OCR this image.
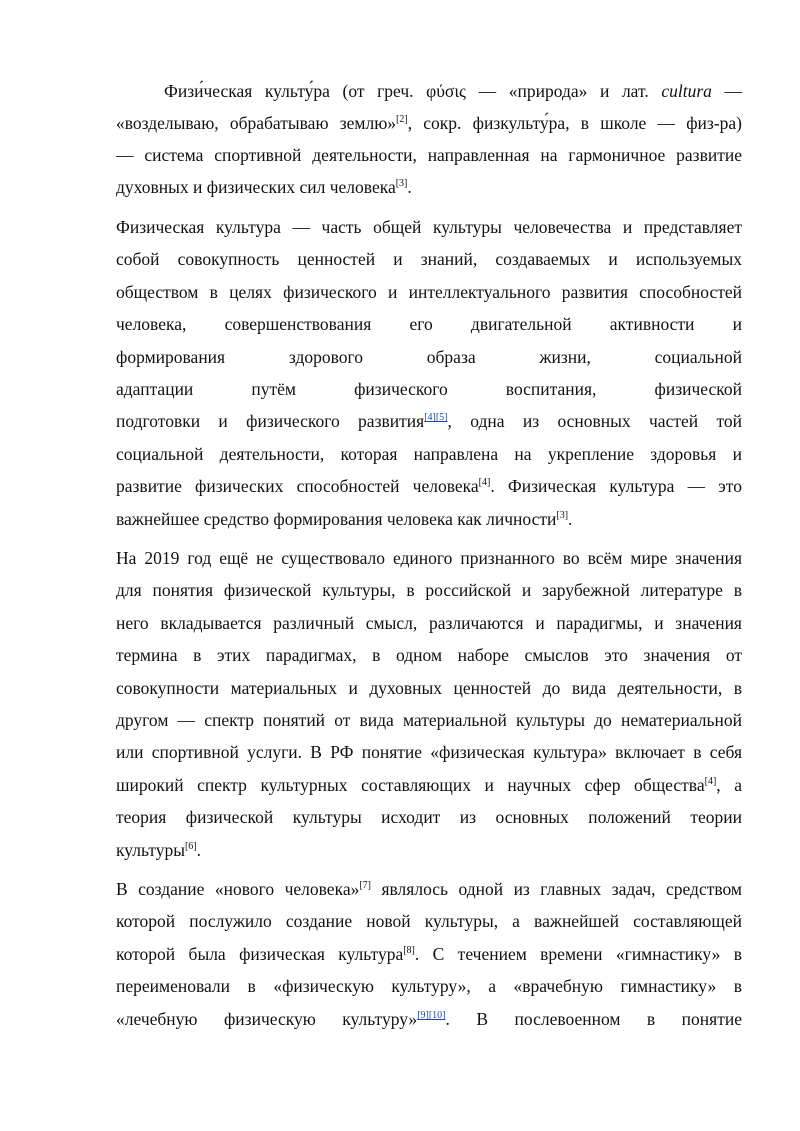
Физи́ческая культу́ра (от греч. φύσις — «природа» и лат. cultura —
«возделываю, обрабатываю землю»[2], сокр. физкульту́ра, в школе — физ-ра)
— система спортивной деятельности, направленная на гармоничное развитие
духовных и физических сил человека[3].
Физическая культура — часть общей культуры человечества и представляет
собой совокупность ценностей и знаний, создаваемых и используемых
обществом в целях физического и интеллектуального развития способностей
человека, совершенствования его двигательной активности и
формирования здорового образа жизни, социальной
адаптации путём физического воспитания, физической
подготовки и физического развития[4][5], одна из основных частей той
социальной деятельности, которая направлена на укрепление здоровья и
развитие физических способностей человека[4]. Физическая культура — это
важнейшее средство формирования человека как личности[3].
На 2019 год ещё не существовало единого признанного во всём мире значения
для понятия физической культуры, в российской и зарубежной литературе в
него вкладывается различный смысл, различаются и парадигмы, и значения
термина в этих парадигмах, в одном наборе смыслов это значения от
совокупности материальных и духовных ценностей до вида деятельности, в
другом — спектр понятий от вида материальной культуры до нематериальной
или спортивной услуги. В РФ понятие «физическая культура» включает в себя
широкий спектр культурных составляющих и научных сфер общества[4], а
теория физической культуры исходит из основных положений теории
культуры[6].
В создание «нового человека»[7] являлось одной из главных задач, средством
которой послужило создание новой культуры, а важнейшей составляющей
которой была физическая культура[8]. С течением времени «гимнастику» в
переименовали в «физическую культуру», а «врачебную гимнастику» в
«лечебную физическую культуру»[9][10]. В послевоенном в понятие
